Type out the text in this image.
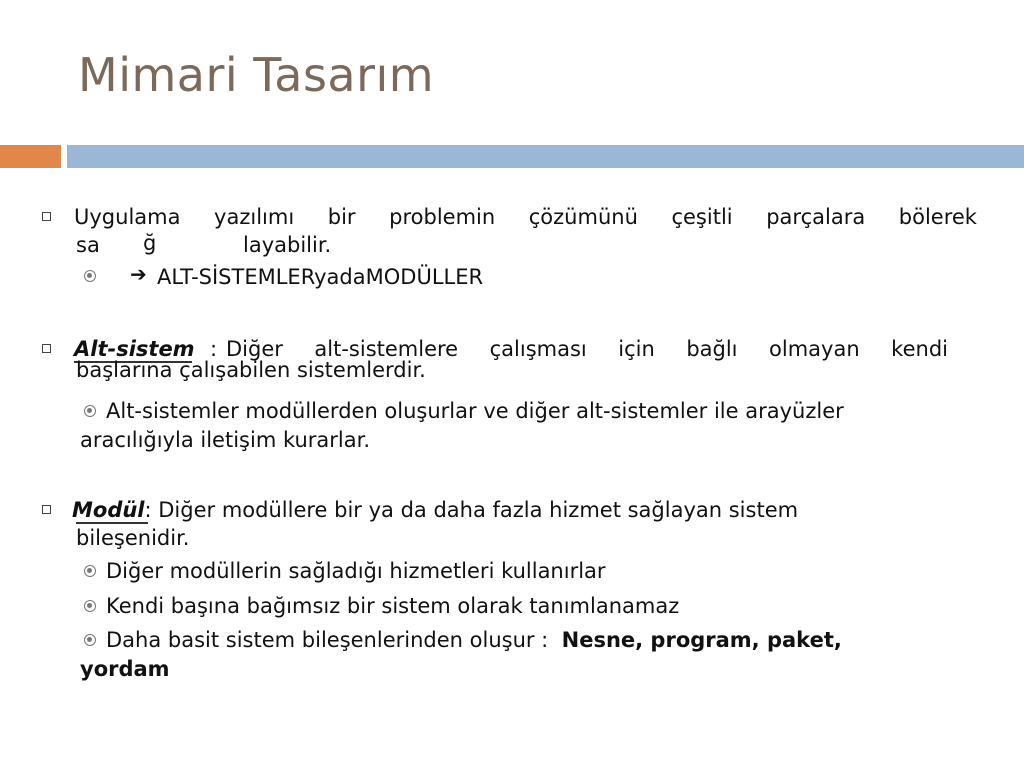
Mimari Tasarım
Uygulama yazılımı bir problemin çözümünü çeşitli parçalara bölerek
sa ğ	layabilir.
➔ ALT-SİSTEMLERyadaMODÜLLER
Alt-sistem : Diğer alt-sistemlere çalışması için bağlı olmayan kendi
başlarına çalışabilen sistemlerdir.
Alt-sistemler modüllerden oluşurlar ve diğer alt-sistemler ile arayüzler
aracılığıyla iletişim kurarlar.
Modül: Diğer modüllere bir ya da daha fazla hizmet sağlayan sistem
bileşenidir.
Diğer modüllerin sağladığı hizmetleri kullanırlar
Kendi başına bağımsız bir sistem olarak tanımlanamaz
Daha basit sistem bileşenlerinden oluşur : Nesne, program, paket,
yordam
